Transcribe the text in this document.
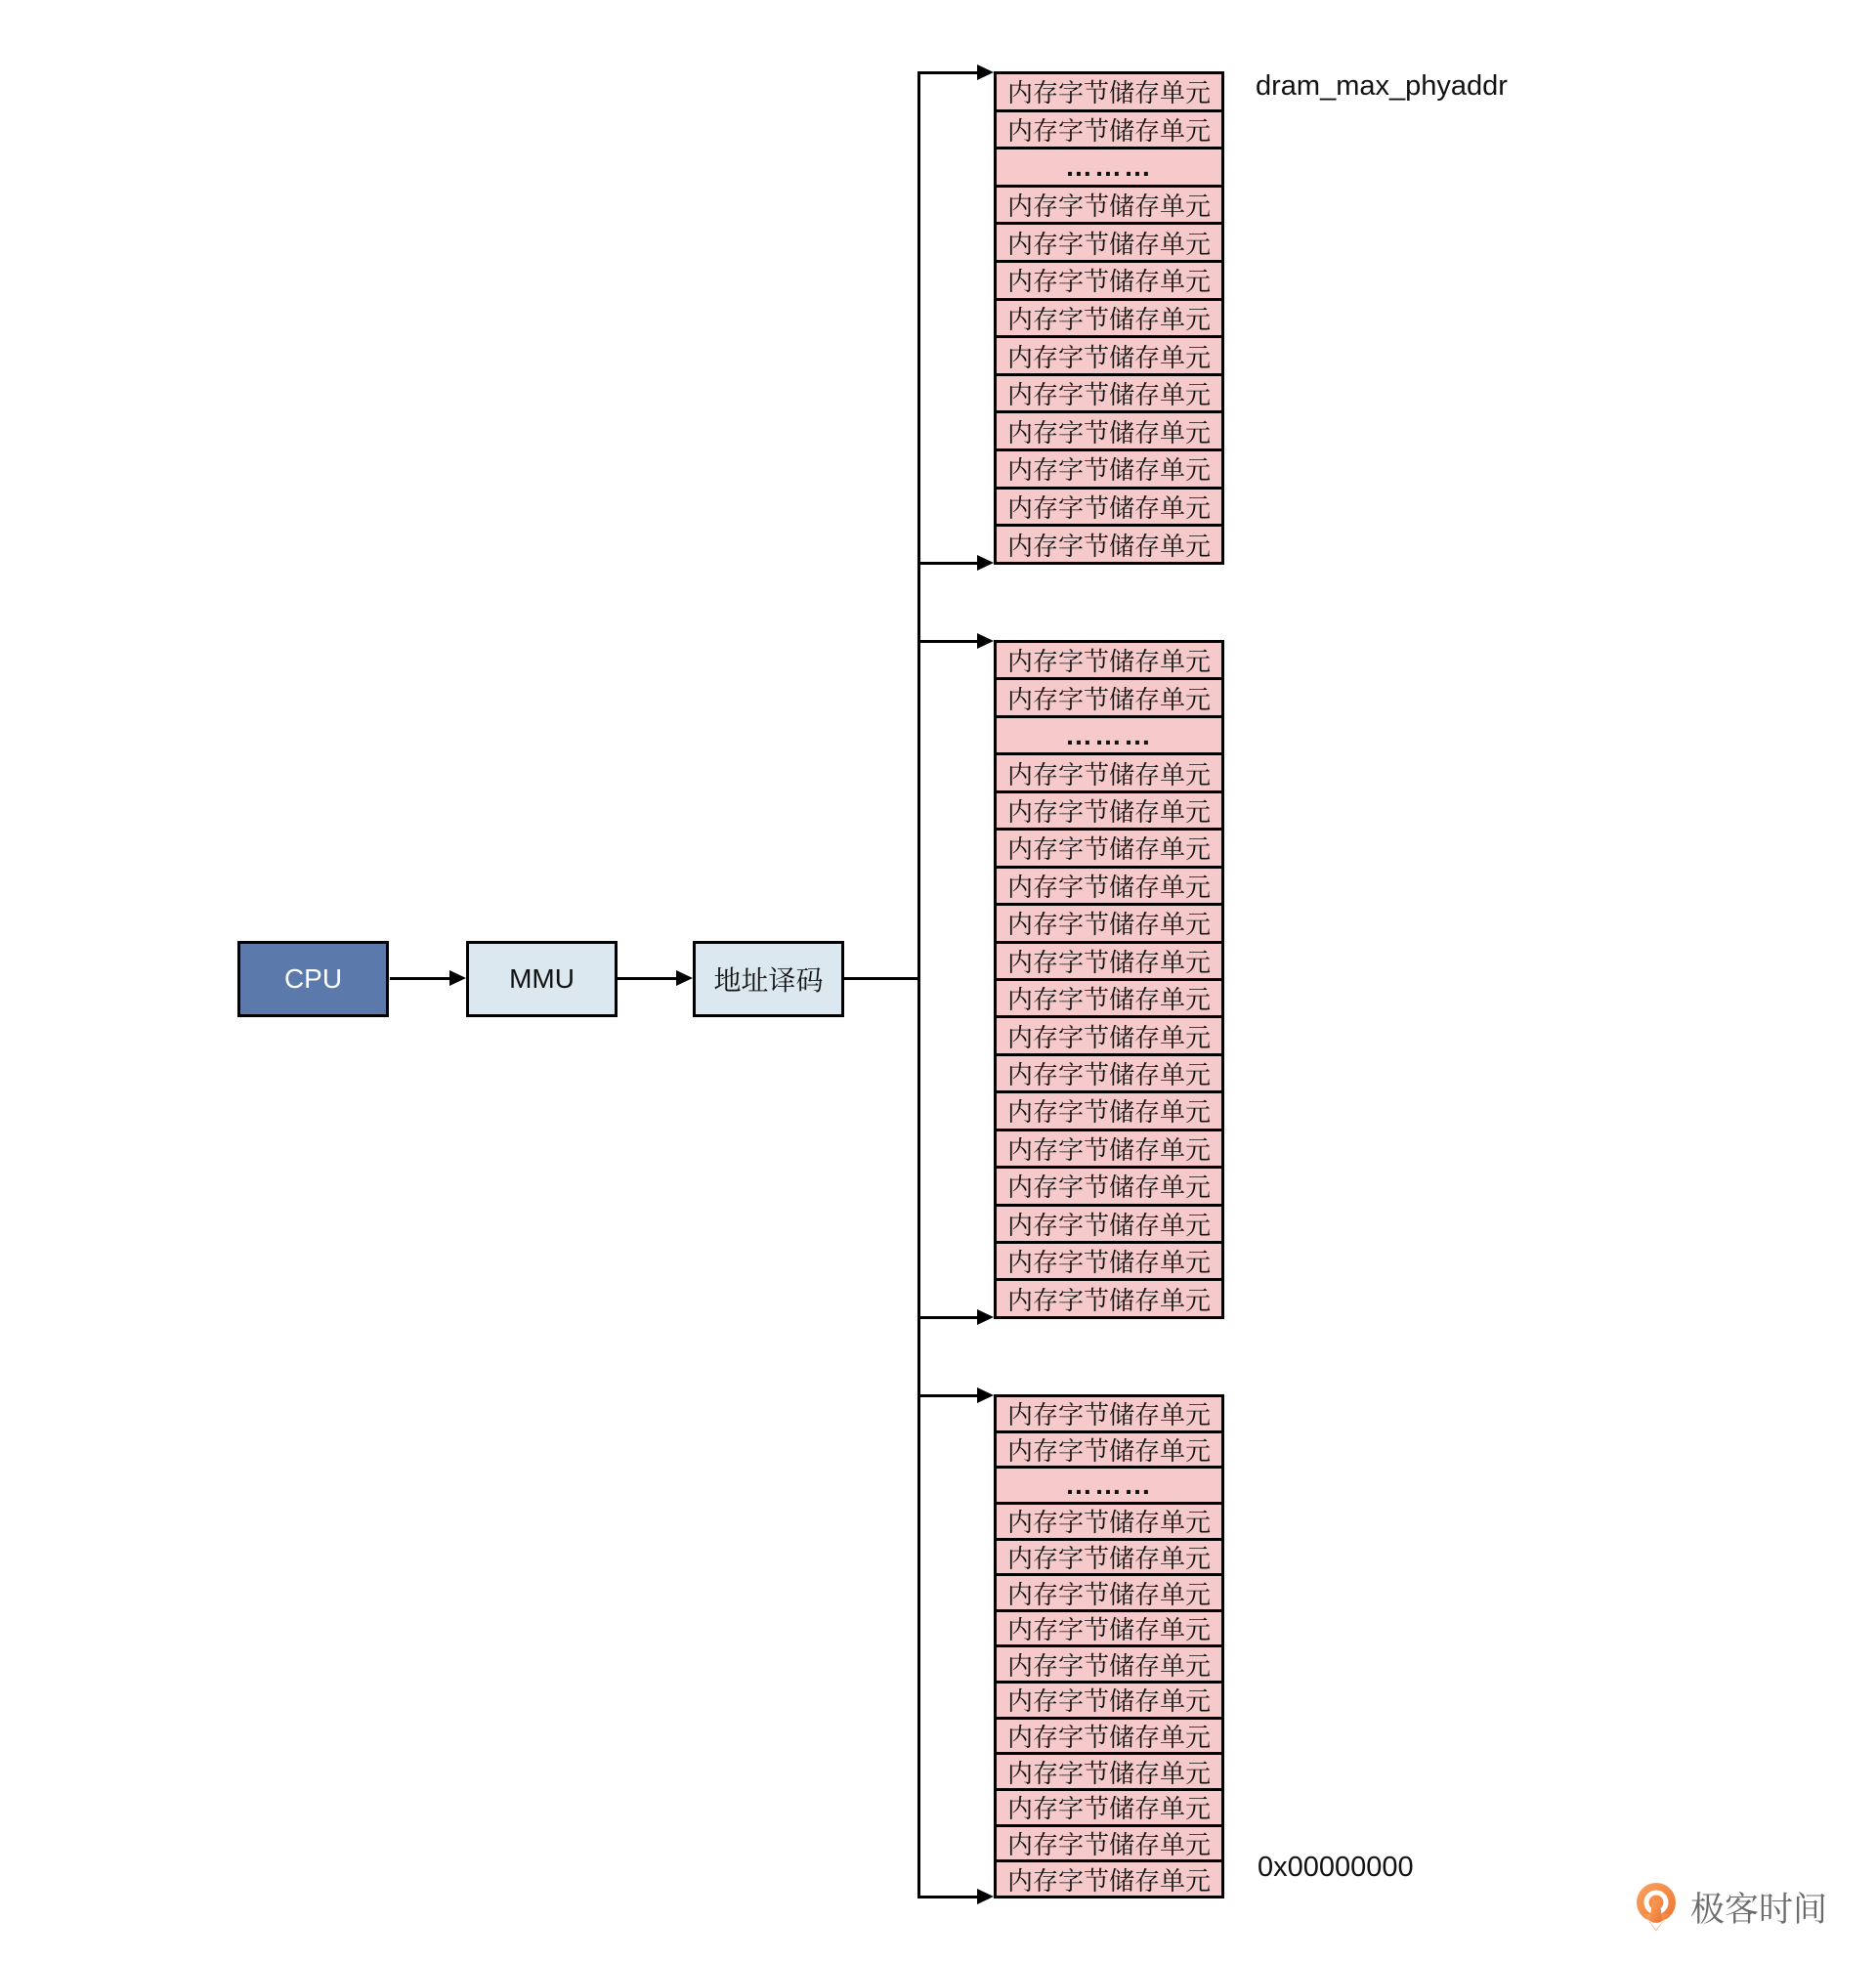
CPU	MMU	地址译码
内存字节储存单元
内存字节储存单元
………
内存字节储存单元
内存字节储存单元
内存字节储存单元
内存字节储存单元
内存字节储存单元
内存字节储存单元
内存字节储存单元
内存字节储存单元
内存字节储存单元
内存字节储存单元
内存字节储存单元
内存字节储存单元
………
内存字节储存单元
内存字节储存单元
内存字节储存单元
内存字节储存单元
内存字节储存单元
内存字节储存单元
内存字节储存单元
内存字节储存单元
内存字节储存单元
内存字节储存单元
内存字节储存单元
内存字节储存单元
内存字节储存单元
内存字节储存单元
内存字节储存单元
内存字节储存单元
内存字节储存单元
………
内存字节储存单元
内存字节储存单元
内存字节储存单元
内存字节储存单元
内存字节储存单元
内存字节储存单元
内存字节储存单元
内存字节储存单元
内存字节储存单元
内存字节储存单元
内存字节储存单元
dram_max_phyaddr
0x00000000
极客时间
